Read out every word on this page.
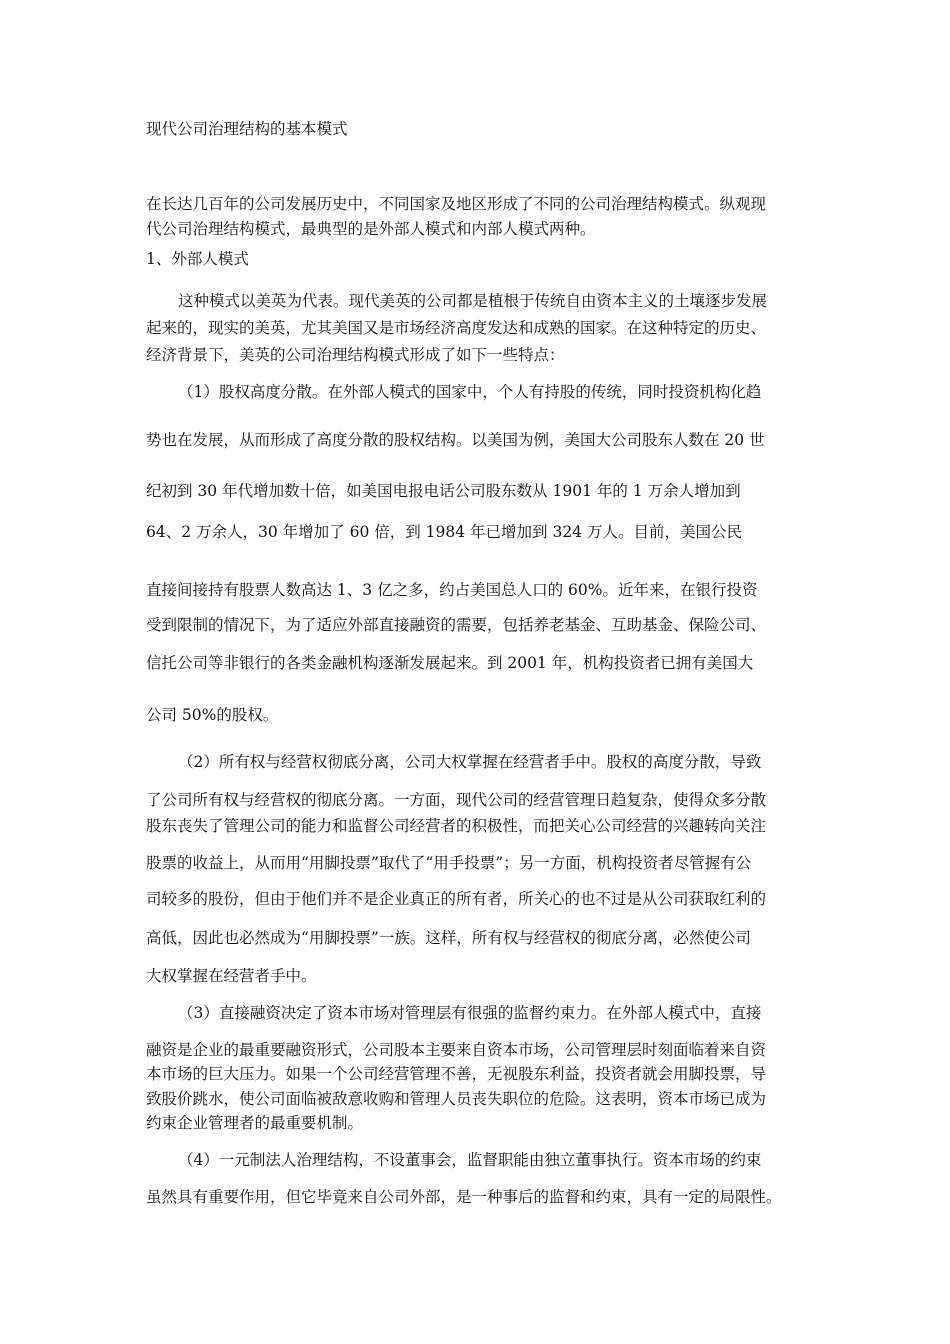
现代公司治理结构的基本模式
在长达几百年的公司发展历史中，不同国家及地区形成了不同的公司治理结构模式。纵观现
代公司治理结构模式，最典型的是外部人模式和内部人模式两种。
1、外部人模式
这种模式以美英为代表。现代美英的公司都是植根于传统自由资本主义的土壤逐步发展
起来的，现实的美英，尤其美国又是市场经济高度发达和成熟的国家。在这种特定的历史、
经济背景下，美英的公司治理结构模式形成了如下一些特点：
（1）股权高度分散。在外部人模式的国家中，个人有持股的传统，同时投资机构化趋
势也在发展，从而形成了高度分散的股权结构。以美国为例，美国大公司股东人数在 20 世
纪初到 30 年代增加数十倍，如美国电报电话公司股东数从 1901 年的 1 万余人增加到
64、2 万余人，30 年增加了 60 倍，到 1984 年已增加到 324 万人。目前，美国公民
直接间接持有股票人数高达 1、3 亿之多，约占美国总人口的 60%。近年来，在银行投资
受到限制的情况下，为了适应外部直接融资的需要，包括养老基金、互助基金、保险公司、
信托公司等非银行的各类金融机构逐渐发展起来。到 2001 年，机构投资者已拥有美国大
公司 50%的股权。
（2）所有权与经营权彻底分离，公司大权掌握在经营者手中。股权的高度分散，导致
了公司所有权与经营权的彻底分离。一方面，现代公司的经营管理日趋复杂，使得众多分散
股东丧失了管理公司的能力和监督公司经营者的积极性，而把关心公司经营的兴趣转向关注
股票的收益上，从而用“用脚投票”取代了“用手投票”；另一方面，机构投资者尽管握有公
司较多的股份，但由于他们并不是企业真正的所有者，所关心的也不过是从公司获取红利的
高低，因此也必然成为“用脚投票”一族。这样，所有权与经营权的彻底分离，必然使公司
大权掌握在经营者手中。
（3）直接融资决定了资本市场对管理层有很强的监督约束力。在外部人模式中，直接
融资是企业的最重要融资形式，公司股本主要来自资本市场，公司管理层时刻面临着来自资
本市场的巨大压力。如果一个公司经营管理不善，无视股东利益，投资者就会用脚投票，导
致股价跳水，使公司面临被敌意收购和管理人员丧失职位的危险。这表明，资本市场已成为
约束企业管理者的最重要机制。
（4）一元制法人治理结构，不设董事会，监督职能由独立董事执行。资本市场的约束
虽然具有重要作用，但它毕竟来自公司外部，是一种事后的监督和约束，具有一定的局限性。
